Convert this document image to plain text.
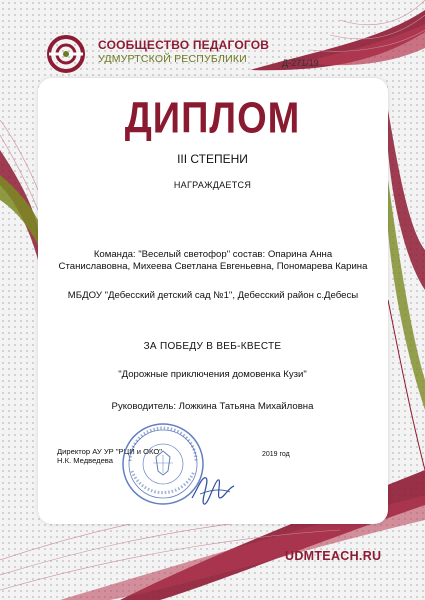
СООБЩЕСТВО ПЕДАГОГОВ
УДМУРТСКОЙ РЕСПУБЛИКИ	Д-271/19
ДИПЛОМ
III СТЕПЕНИ
НАГРАЖДАЕТСЯ
Команда: "Веселый светофор" состав: Опарина Анна
Станиславовна, Михеева Светлана Евгеньевна, Пономарева Карина
МБДОУ "Дебесский детский сад №1", Дебесский район с.Дебесы
ЗА ПОБЕДУ В ВЕБ-КВЕСТЕ
"Дорожные приключения домовенка Кузи"
Руководитель: Ложкина Татьяна Михайловна
Директор АУ УР "РЦИ и ОКО"
Н.К. Медведева
2019 год
UDMTEACH.RU
